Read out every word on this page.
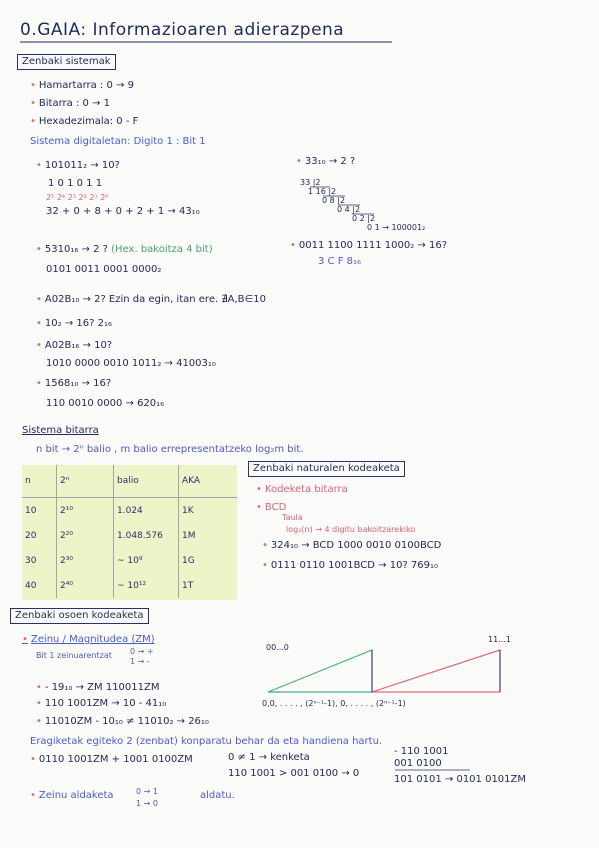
0.GAIA: Informazioaren adierazpena
Zenbaki sistemak
• Hamartarra : 0 → 9
• Bitarra : 0 → 1
• Hexadezimala: 0 - F
Sistema digitaletan: Digito 1 : Bit 1
• 101011₂ → 10?
1 0 1 0 1 1
2⁵ 2⁴ 2³ 2² 2¹ 2⁰
32 + 0 + 8 + 0 + 2 + 1 → 43₁₀
• 33₁₀ → 2 ?
33 |2
1 16 |2
0 8 |2
0 4 |2
0 2 |2
0 1 → 100001₂
• 5310₁₆ → 2 ? (Hex. bakoitza 4 bit)
0101 0011 0001 0000₂
• 0011 1100 1111 1000₂ → 16?
3 C F 8₁₆
• A02B₁₀ → 2? Ezin da egin, itan ere. ∄A,B∈10
• 10₂ → 16? 2₁₆
• A02B₁₆ → 10?
1010 0000 0010 1011₂ → 41003₁₀
• 1568₁₀ → 16?
110 0010 0000 → 620₁₆
Sistema bitarra
n bit → 2ⁿ balio , m balio errepresentatzeko log₂m bit.
n	2ⁿ	balio	AKA
10	2¹⁰	1.024	1K
20	2²⁰	1.048.576	1M
30	2³⁰	~ 10⁹	1G
40	2⁴⁰	~ 10¹²	1T
Zenbaki naturalen kodeaketa
• Kodeketa bitarra
• BCD
Taula
log₂(n) → 4 digitu bakoitzarekiko
• 324₁₀ → BCD 1000 0010 0100BCD
• 0111 0110 1001BCD → 10? 769₁₀
Zenbaki osoen kodeaketa
• Zeinu / Magnitudea (ZM)
Bit 1 zeinuarentzat 0 → +
1 → -
00...0
11...1
0,0, . . . . , (2ⁿ⁻¹-1), 0, . . . . , (2ⁿ⁻¹-1)
• - 19₁₀ → ZM 110011ZM
• 110 1001ZM → 10 - 41₁₀
• 11010ZM - 10₁₀ ≠ 11010₂ → 26₁₀
Eragiketak egiteko 2 (zenbat) konparatu behar da eta handiena hartu.
• 0110 1001ZM + 1001 0100ZM	0 ≠ 1 → kenketa
110 1001 > 001 0100 → 0
- 110 1001
001 0100
101 0101 → 0101 0101ZM
• Zeinu aldaketa	0 → 1
1 → 0
aldatu.
